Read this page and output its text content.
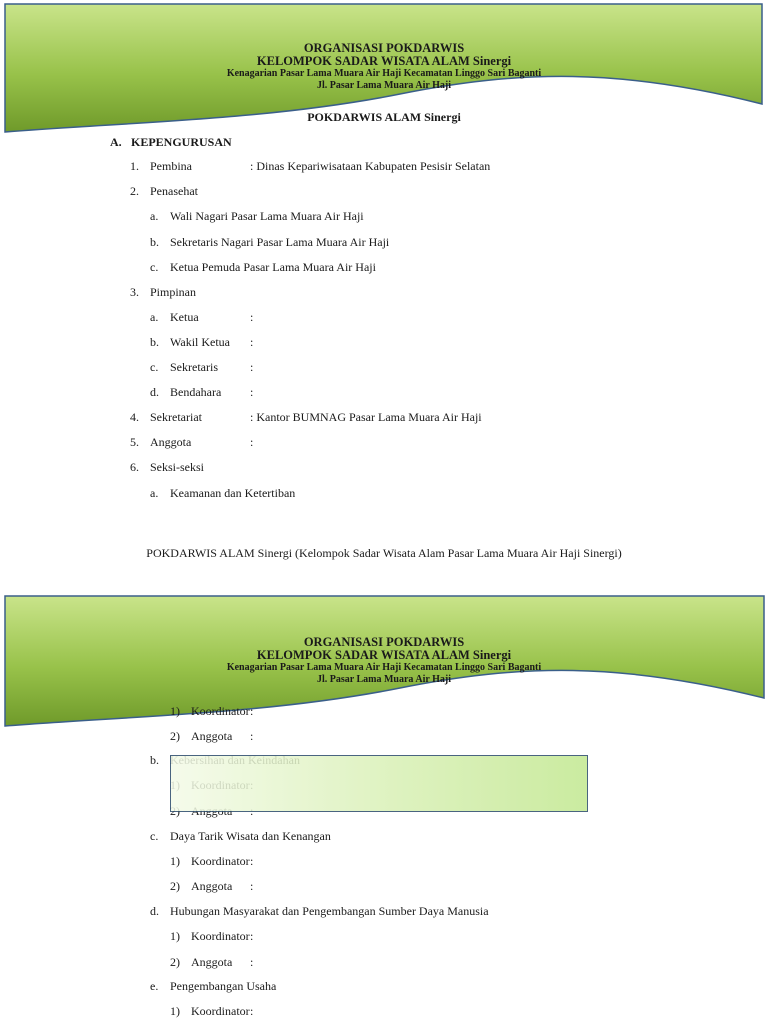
ORGANISASI POKDARWIS
KELOMPOK SADAR WISATA ALAM Sinergi
Kenagarian Pasar Lama Muara Air Haji Kecamatan Linggo Sari Baganti
Jl. Pasar Lama Muara Air Haji
POKDARWIS ALAM Sinergi
A. KEPENGURUSAN
1. Pembina	: Dinas Kepariwisataan Kabupaten Pesisir Selatan
2. Penasehat
a. Wali Nagari Pasar Lama Muara Air Haji
b. Sekretaris Nagari Pasar Lama Muara Air Haji
c. Ketua Pemuda Pasar Lama Muara Air Haji
3. Pimpinan
a. Ketua	:
b. Wakil Ketua :
c. Sekretaris	:
d. Bendahara :
4. Sekretariat	: Kantor BUMNAG Pasar Lama Muara Air Haji
5. Anggota	:
6. Seksi-seksi
a. Keamanan dan Ketertiban
POKDARWIS ALAM Sinergi (Kelompok Sadar Wisata Alam Pasar Lama Muara Air Haji Sinergi)
ORGANISASI POKDARWIS
KELOMPOK SADAR WISATA ALAM Sinergi
Kenagarian Pasar Lama Muara Air Haji Kecamatan Linggo Sari Baganti
Jl. Pasar Lama Muara Air Haji
1) Koordinator :
2) Anggota :
b.
c. Daya Tarik Wisata dan Kenangan
1) Koordinator :
2) Anggota :
d. Hubungan Masyarakat dan Pengembangan Sumber Daya Manusia
1) Koordinator :
2) Anggota :
e. Pengembangan Usaha
1) Koordinator :
